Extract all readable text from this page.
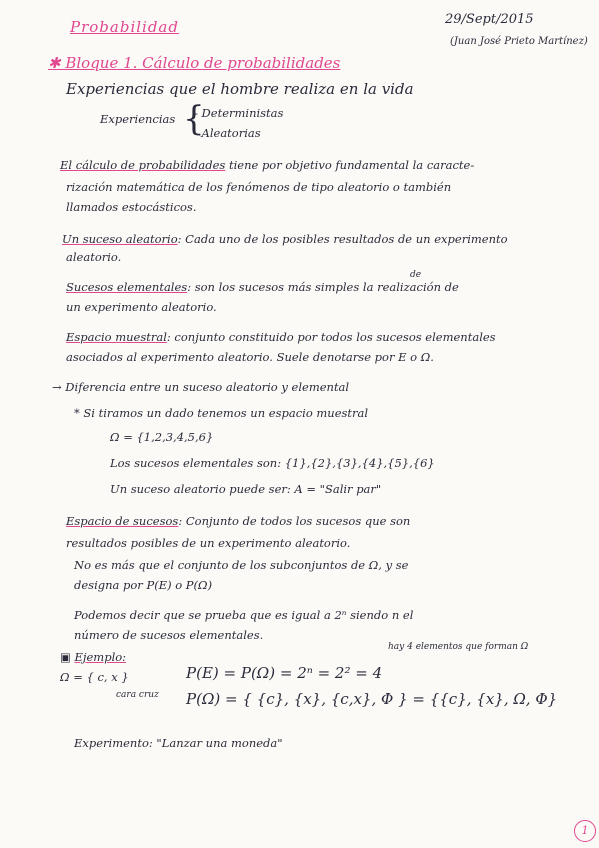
Probabilidad	29/Sept/2015
(Juan José Prieto Martínez)
✱ Bloque 1. Cálculo de probabilidades
Experiencias que el hombre realiza en la vida
Experiencias {
- Deterministas
- Aleatorias
El cálculo de probabilidades tiene por objetivo fundamental la caracte-
rización matemática de los fenómenos de tipo aleatorio o también
llamados estocásticos.
Un suceso aleatorio: Cada uno de los posibles resultados de un experimento
aleatorio.
de
Sucesos elementales: son los sucesos más simples la realización de
un experimento aleatorio.
Espacio muestral: conjunto constituido por todos los sucesos elementales
asociados al experimento aleatorio. Suele denotarse por E o Ω.
→ Diferencia entre un suceso aleatorio y elemental
* Si tiramos un dado tenemos un espacio muestral
Ω = {1,2,3,4,5,6}
Los sucesos elementales son: {1},{2},{3},{4},{5},{6}
Un suceso aleatorio puede ser: A = "Salir par"
Espacio de sucesos: Conjunto de todos los sucesos que son
resultados posibles de un experimento aleatorio.
No es más que el conjunto de los subconjuntos de Ω, y se
designa por P(E) o P(Ω)
Podemos decir que se prueba que es igual a 2ⁿ siendo n el
número de sucesos elementales.
hay 4 elementos que forman Ω
▣ Ejemplo:
Ω = { c, x }
cara cruz
P(E) = P(Ω) = 2ⁿ = 2² = 4
P(Ω) = { {c}, {x}, {c,x}, Φ } = {{c}, {x}, Ω, Φ}
Experimento: "Lanzar una moneda"
1
